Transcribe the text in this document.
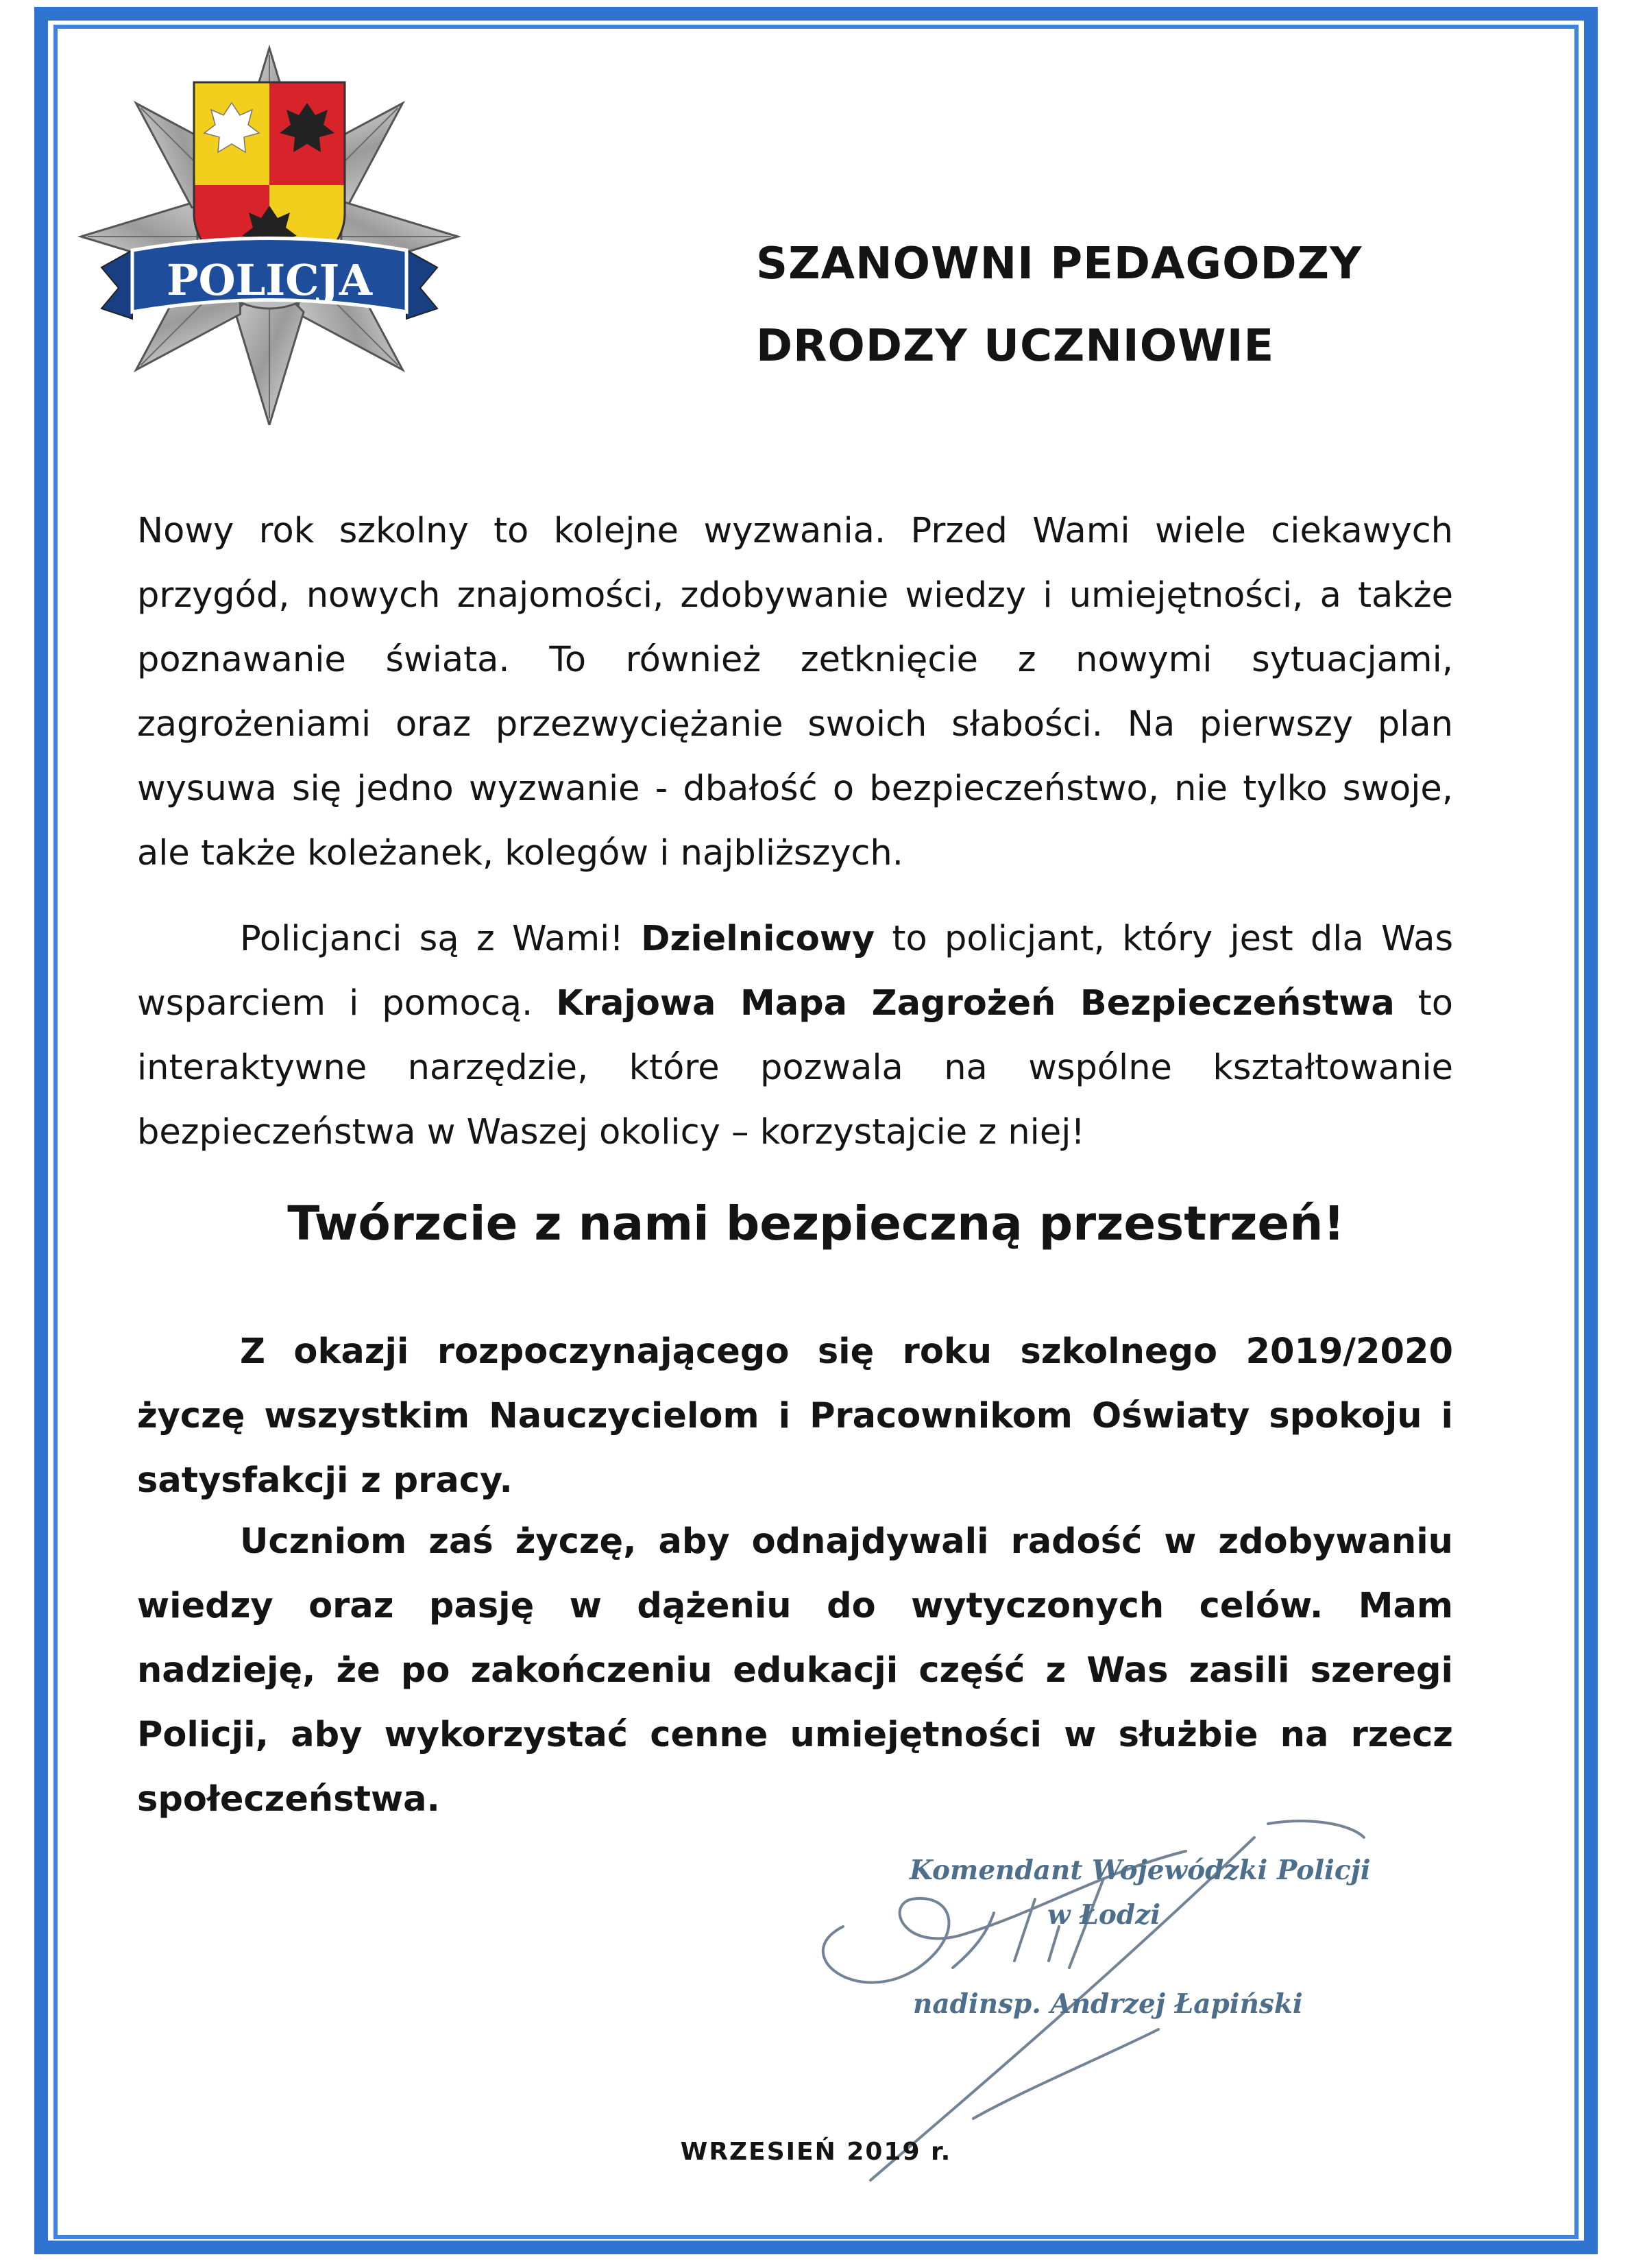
POLICJA	SZANOWNI PEDAGODZY
DRODZY UCZNIOWIE

Nowy rok szkolny to kolejne wyzwania. Przed Wami wiele ciekawych przygód, nowych znajomości, zdobywanie wiedzy i umiejętności, a także poznawanie świata. To również zetknięcie z nowymi sytuacjami, zagrożeniami oraz przezwyciężanie swoich słabości. Na pierwszy plan wysuwa się jedno wyzwanie - dbałość o bezpieczeństwo, nie tylko swoje, ale także koleżanek, kolegów i najbliższych.

Policjanci są z Wami! Dzielnicowy to policjant, który jest dla Was wsparciem i pomocą. Krajowa Mapa Zagrożeń Bezpieczeństwa to interaktywne narzędzie, które pozwala na wspólne kształtowanie bezpieczeństwa w Waszej okolicy – korzystajcie z niej!

Twórzcie z nami bezpieczną przestrzeń!

Z okazji rozpoczynającego się roku szkolnego 2019/2020 życzę wszystkim Nauczycielom i Pracownikom Oświaty spokoju i satysfakcji z pracy.

Uczniom zaś życzę, aby odnajdywali radość w zdobywaniu wiedzy oraz pasję w dążeniu do wytyczonych celów. Mam nadzieję, że po zakończeniu edukacji część z Was zasili szeregi Policji, aby wykorzystać cenne umiejętności w służbie na rzecz społeczeństwa.

Komendant Wojewódzki Policji
w Łodzi
nadinsp. Andrzej Łapiński
WRZESIEŃ 2019 r.
